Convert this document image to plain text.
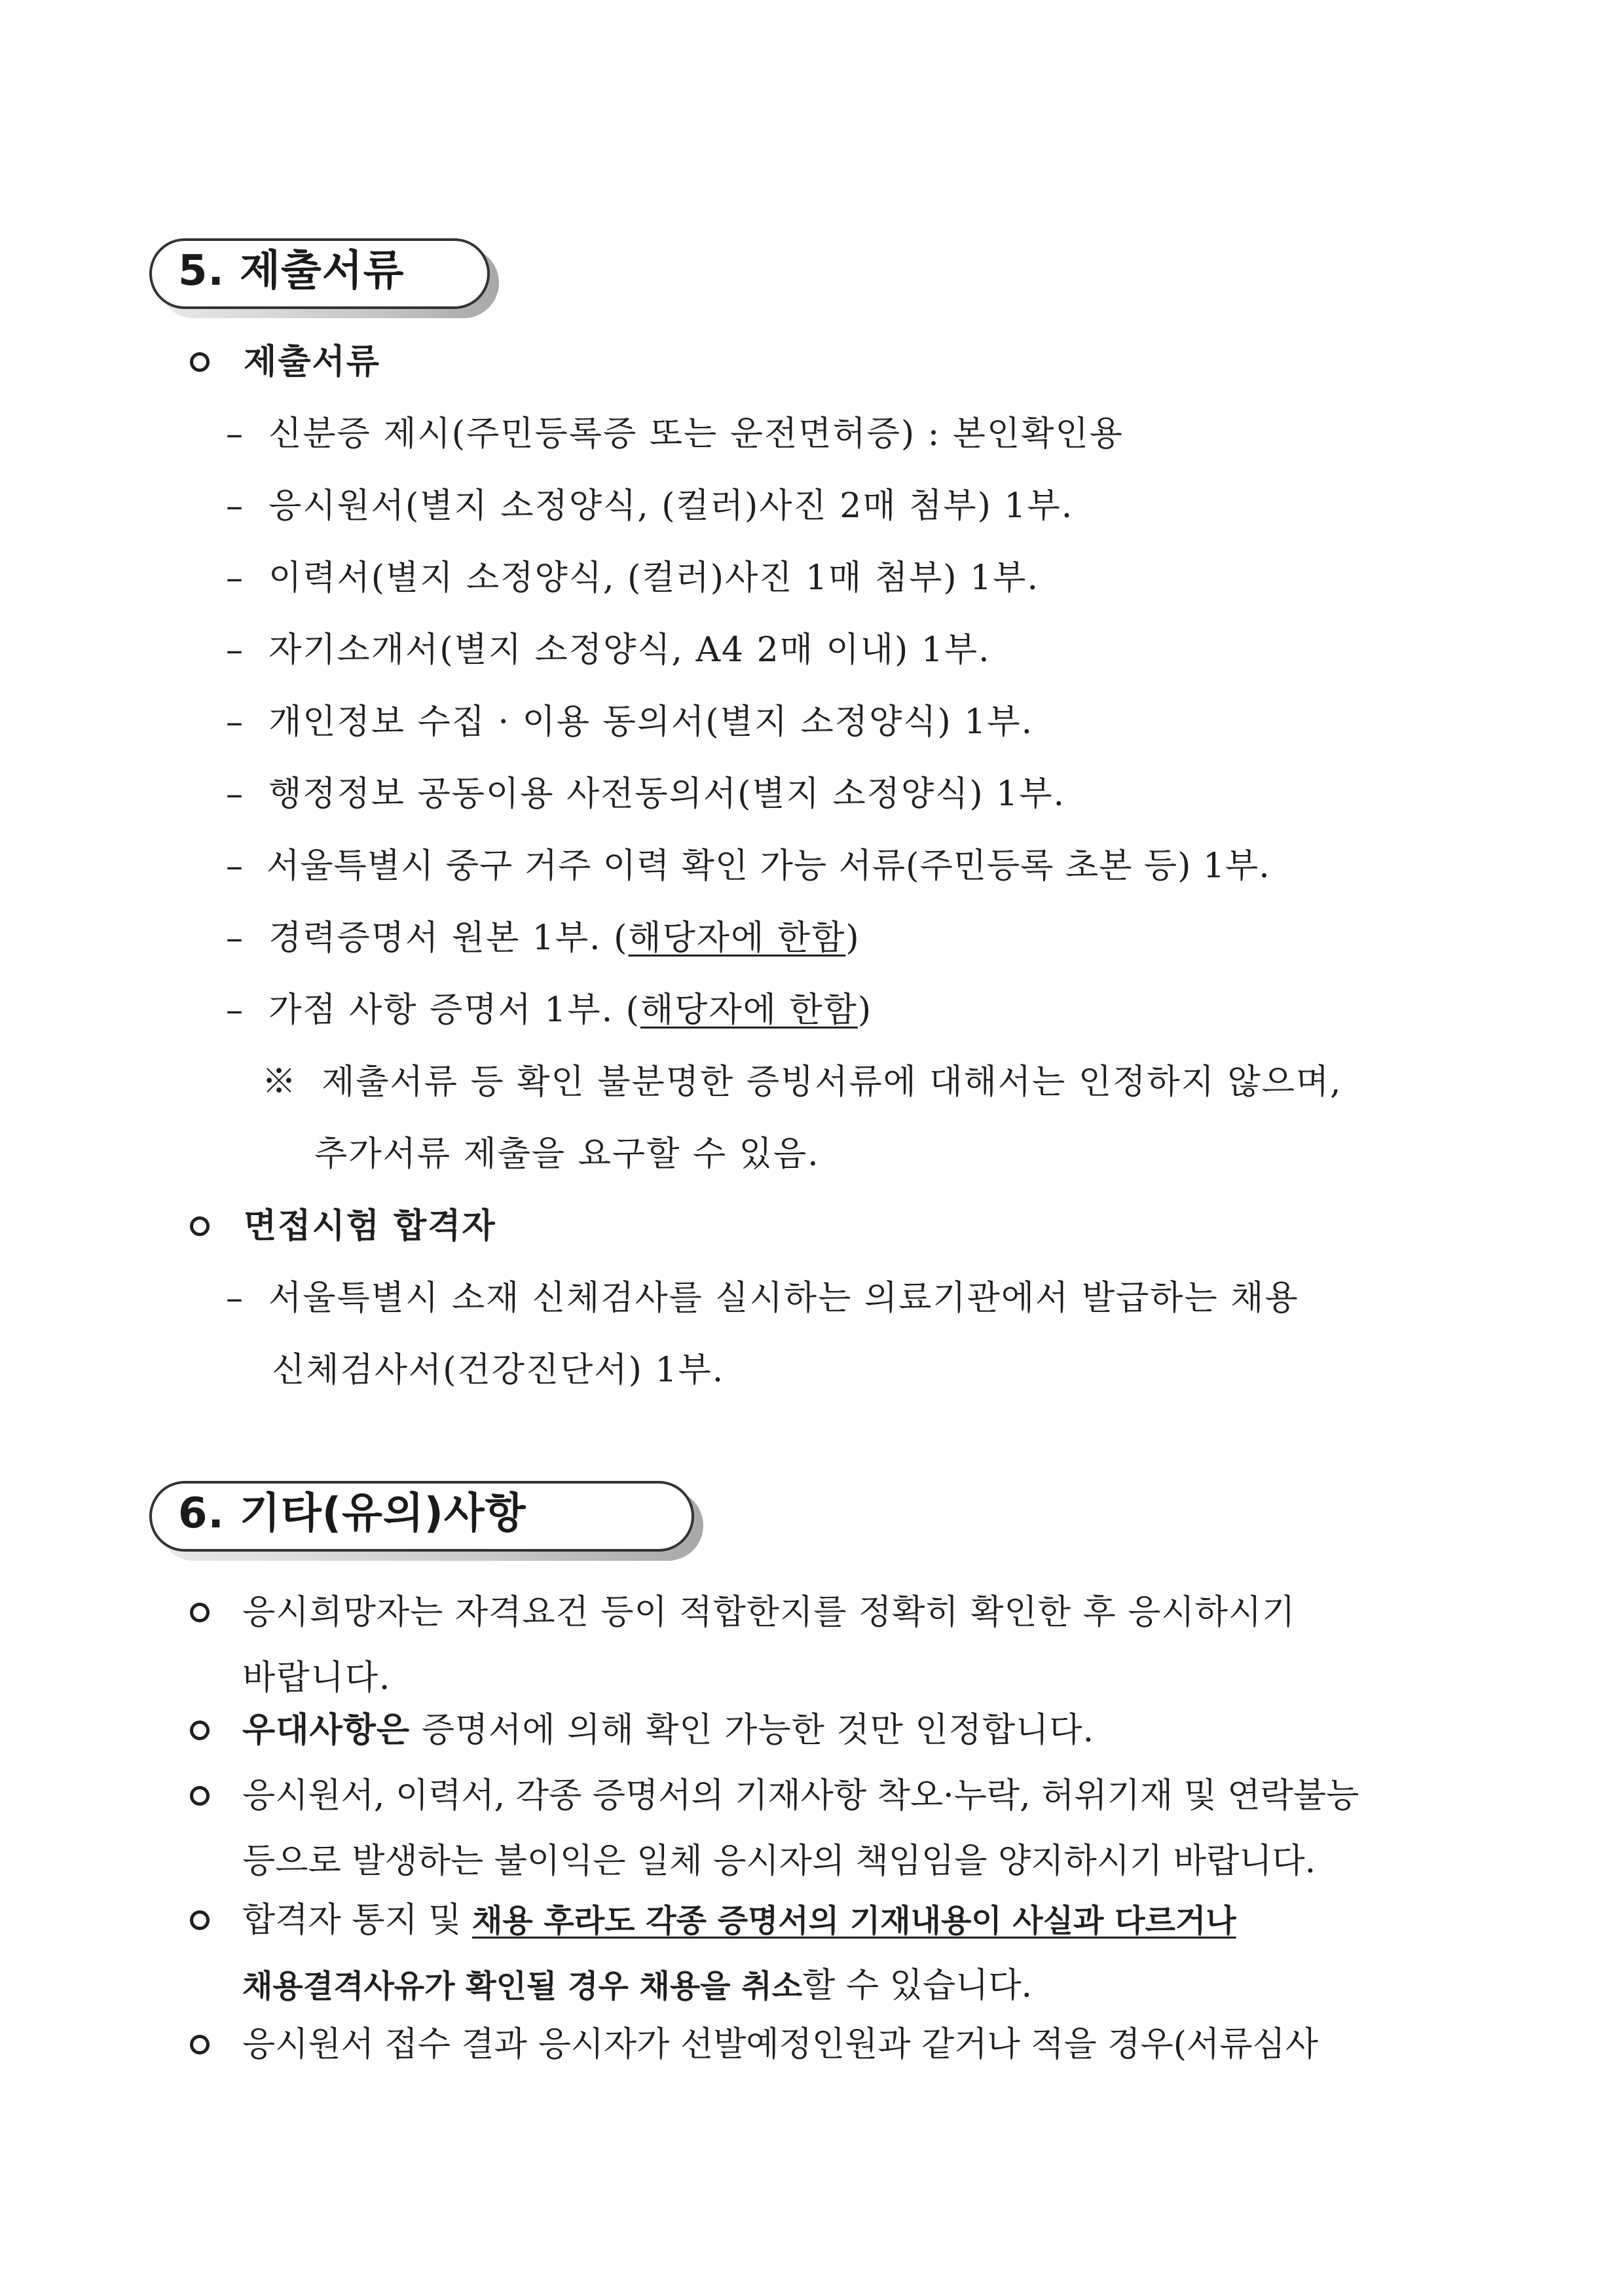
5. 제출서류
제출서류
– 신분증 제시(주민등록증 또는 운전면허증) : 본인확인용
– 응시원서(별지 소정양식, (컬러)사진 2매 첨부) 1부.
– 이력서(별지 소정양식, (컬러)사진 1매 첨부) 1부.
– 자기소개서(별지 소정양식, A4 2매 이내) 1부.
– 개인정보 수집 · 이용 동의서(별지 소정양식) 1부.
– 행정정보 공동이용 사전동의서(별지 소정양식) 1부.
– 서울특별시 중구 거주 이력 확인 가능 서류(주민등록 초본 등) 1부.
– 경력증명서 원본 1부. (해당자에 한함)
– 가점 사항 증명서 1부. (해당자에 한함)
※ 제출서류 등 확인 불분명한 증빙서류에 대해서는 인정하지 않으며,
추가서류 제출을 요구할 수 있음.
면접시험 합격자
– 서울특별시 소재 신체검사를 실시하는 의료기관에서 발급하는 채용
신체검사서(건강진단서) 1부.
6. 기타(유의)사항
응시희망자는 자격요건 등이 적합한지를 정확히 확인한 후 응시하시기
바랍니다.
우대사항은 증명서에 의해 확인 가능한 것만 인정합니다.
응시원서, 이력서, 각종 증명서의 기재사항 착오·누락, 허위기재 및 연락불능
등으로 발생하는 불이익은 일체 응시자의 책임임을 양지하시기 바랍니다.
합격자 통지 및 채용 후라도 각종 증명서의 기재내용이 사실과 다르거나
채용결격사유가 확인될 경우 채용을 취소할 수 있습니다.
응시원서 접수 결과 응시자가 선발예정인원과 같거나 적을 경우(서류심사
